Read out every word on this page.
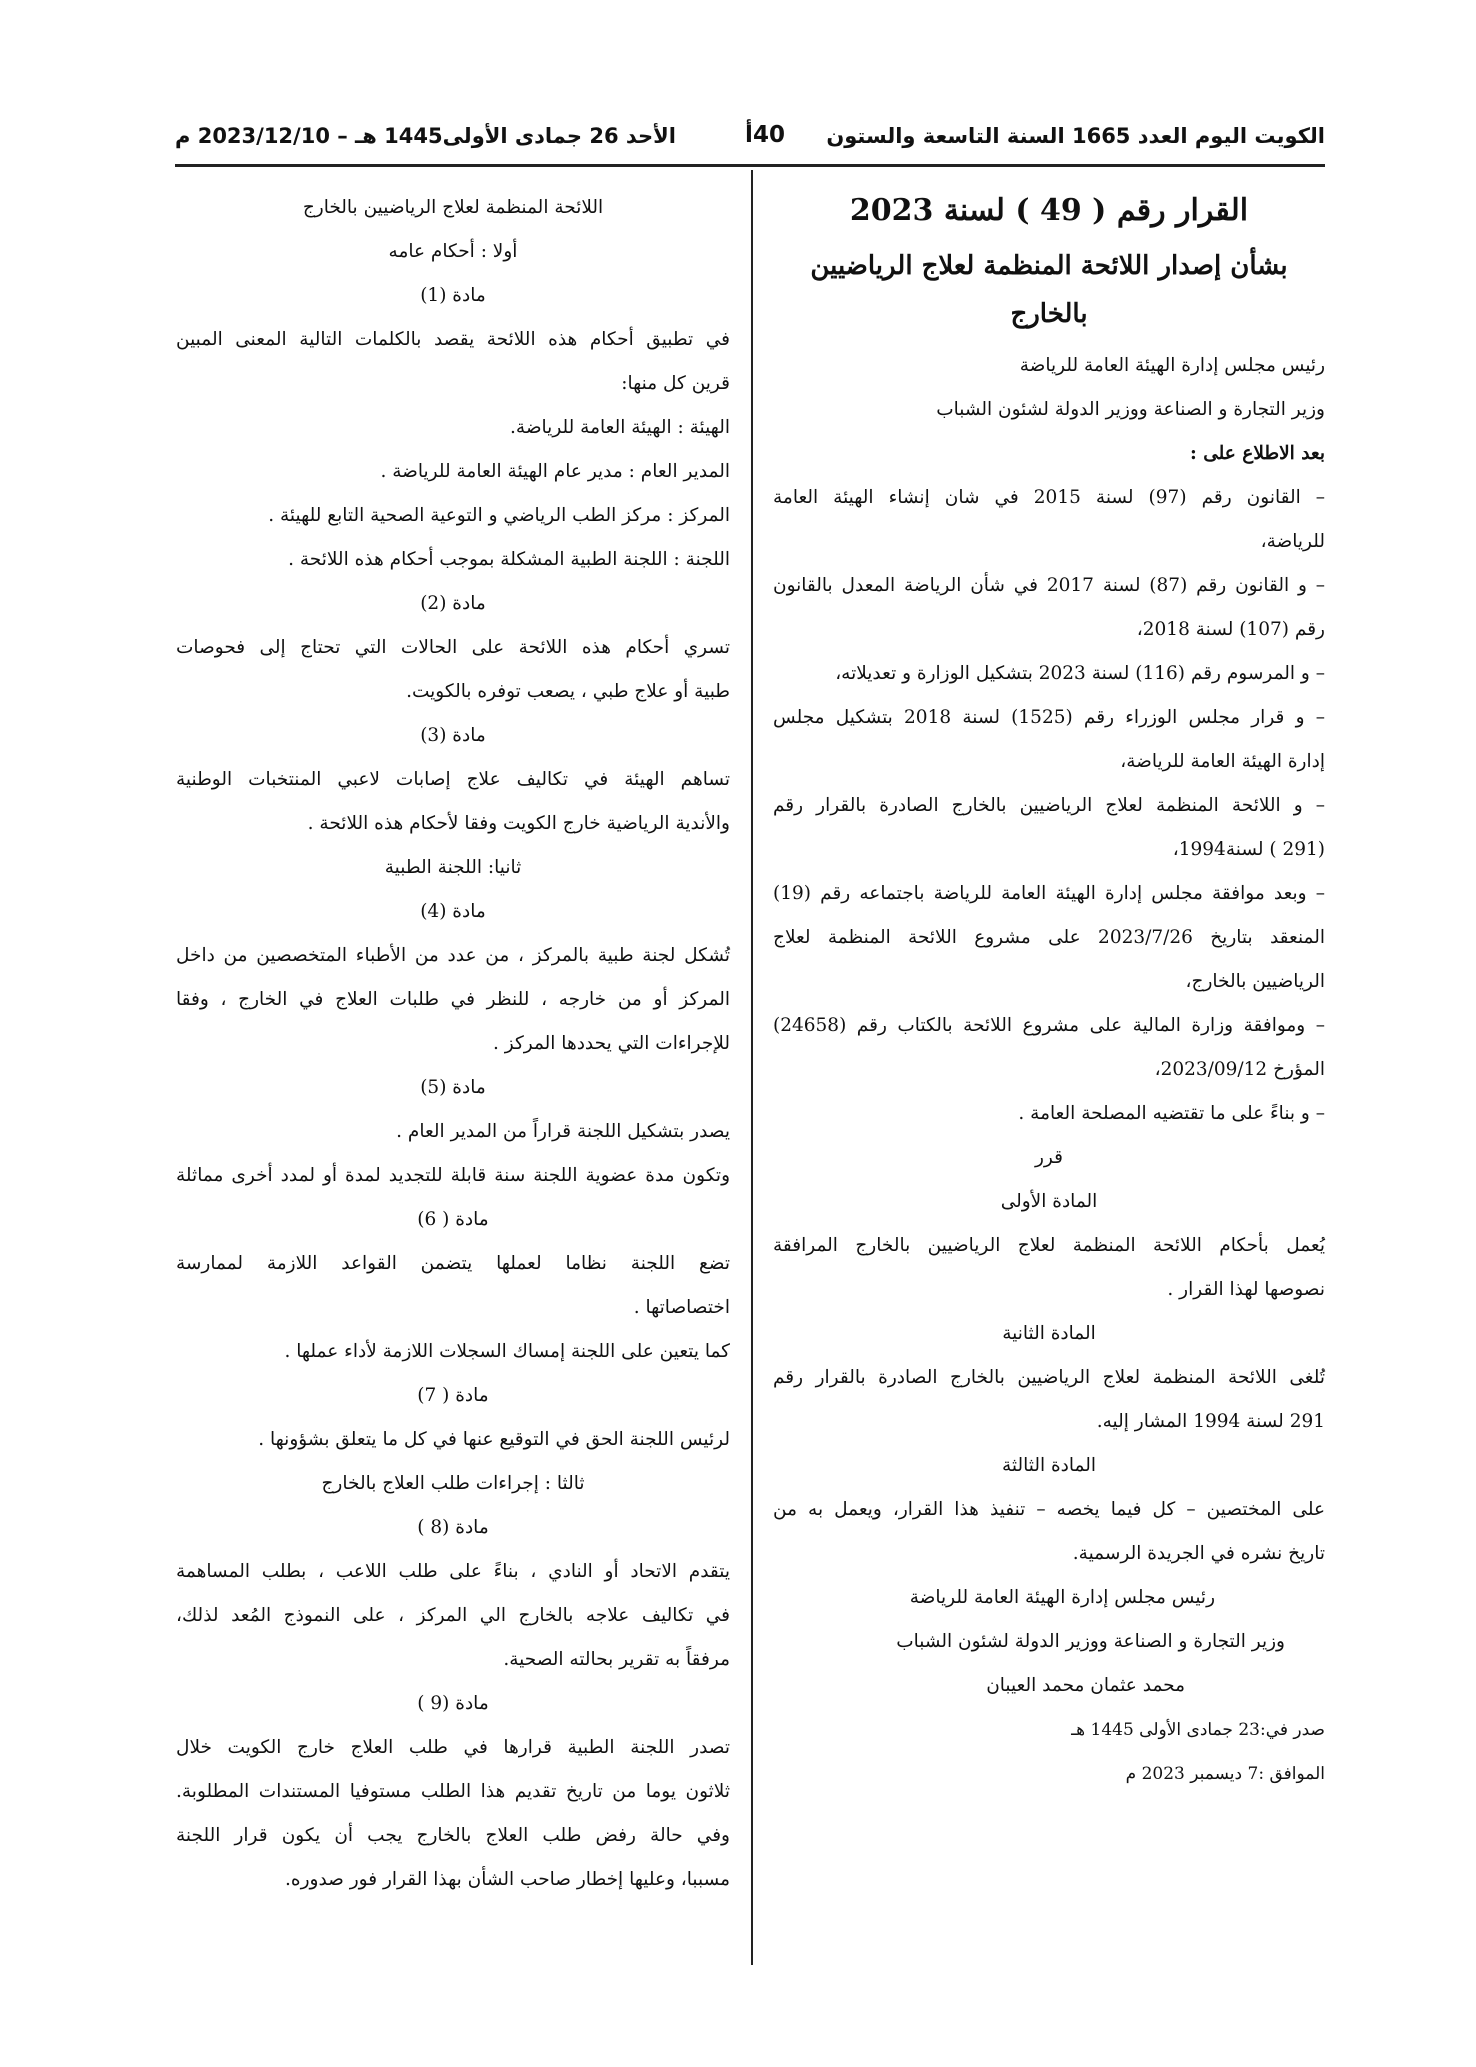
الكويت اليوم العدد 1665 السنة التاسعة والستون
40أ
الأحد 26 جمادى الأولى1445 هـ – 2023/12/10 م

القرار رقم ( 49 ) لسنة 2023

بشأن إصدار اللائحة المنظمة لعلاج الرياضيين بالخارج

رئيس مجلس إدارة الهيئة العامة للرياضة

وزير التجارة و الصناعة ووزير الدولة لشئون الشباب

بعد الاطلاع على :

– القانون رقم (97) لسنة 2015 في شان إنشاء الهيئة العامة

للرياضة،

– و القانون رقم (87) لسنة 2017 في شأن الرياضة المعدل بالقانون

رقم (107) لسنة 2018،

– و المرسوم رقم (116) لسنة 2023 بتشكيل الوزارة و تعديلاته،

– و قرار مجلس الوزراء رقم (1525) لسنة 2018 بتشكيل مجلس

إدارة الهيئة العامة للرياضة،

– و اللائحة المنظمة لعلاج الرياضيين بالخارج الصادرة بالقرار رقم

(291 ) لسنة1994،

– وبعد موافقة مجلس إدارة الهيئة العامة للرياضة باجتماعه رقم (19)

المنعقد بتاريخ 2023/7/26 على مشروع اللائحة المنظمة لعلاج

الرياضيين بالخارج،

– وموافقة وزارة المالية على مشروع اللائحة بالكتاب رقم (24658)

المؤرخ 2023/09/12،

– و بناءً على ما تقتضيه المصلحة العامة .

قرر

المادة الأولى

يُعمل بأحكام اللائحة المنظمة لعلاج الرياضيين بالخارج المرافقة

نصوصها لهذا القرار .

المادة الثانية

تُلغى اللائحة المنظمة لعلاج الرياضيين بالخارج الصادرة بالقرار رقم

291 لسنة 1994 المشار إليه.

المادة الثالثة

على المختصين – كل فيما يخصه – تنفيذ هذا القرار، ويعمل به من

تاريخ نشره في الجريدة الرسمية.

رئيس مجلس إدارة الهيئة العامة للرياضة

وزير التجارة و الصناعة ووزير الدولة لشئون الشباب

محمد عثمان محمد العيبان

صدر في:23 جمادى الأولى 1445 هـ

الموافق :7 ديسمبر 2023 م

اللائحة المنظمة لعلاج الرياضيين بالخارج

أولا : أحكام عامه

مادة (1)

في تطبيق أحكام هذه اللائحة يقصد بالكلمات التالية المعنى المبين

قرين كل منها:

الهيئة : الهيئة العامة للرياضة.

المدير العام : مدير عام الهيئة العامة للرياضة .

المركز : مركز الطب الرياضي و التوعية الصحية التابع للهيئة .

اللجنة : اللجنة الطبية المشكلة بموجب أحكام هذه اللائحة .

مادة (2)

تسري أحكام هذه اللائحة على الحالات التي تحتاج إلى فحوصات

طبية أو علاج طبي ، يصعب توفره بالكويت.

مادة (3)

تساهم الهيئة في تكاليف علاج إصابات لاعبي المنتخبات الوطنية

والأندية الرياضية خارج الكويت وفقا لأحكام هذه اللائحة .

ثانيا: اللجنة الطبية

مادة (4)

تُشكل لجنة طبية بالمركز ، من عدد من الأطباء المتخصصين من داخل

المركز أو من خارجه ، للنظر في طلبات العلاج في الخارج ، وفقا

للإجراءات التي يحددها المركز .

مادة (5)

يصدر بتشكيل اللجنة قراراً من المدير العام .

وتكون مدة عضوية اللجنة سنة قابلة للتجديد لمدة أو لمدد أخرى مماثلة

مادة ( 6)

تضع اللجنة نظاما لعملها يتضمن القواعد اللازمة لممارسة

اختصاصاتها .

كما يتعين على اللجنة إمساك السجلات اللازمة لأداء عملها .

مادة ( 7)

لرئيس اللجنة الحق في التوقيع عنها في كل ما يتعلق بشؤونها .

ثالثا : إجراءات طلب العلاج بالخارج

مادة (8 )

يتقدم الاتحاد أو النادي ، بناءً على طلب اللاعب ، بطلب المساهمة

في تكاليف علاجه بالخارج الي المركز ، على النموذج المُعد لذلك،

مرفقاً به تقرير بحالته الصحية.

مادة (9 )

تصدر اللجنة الطبية قرارها في طلب العلاج خارج الكويت خلال

ثلاثون يوما من تاريخ تقديم هذا الطلب مستوفيا المستندات المطلوبة.

وفي حالة رفض طلب العلاج بالخارج يجب أن يكون قرار اللجنة

مسببا، وعليها إخطار صاحب الشأن بهذا القرار فور صدوره.
